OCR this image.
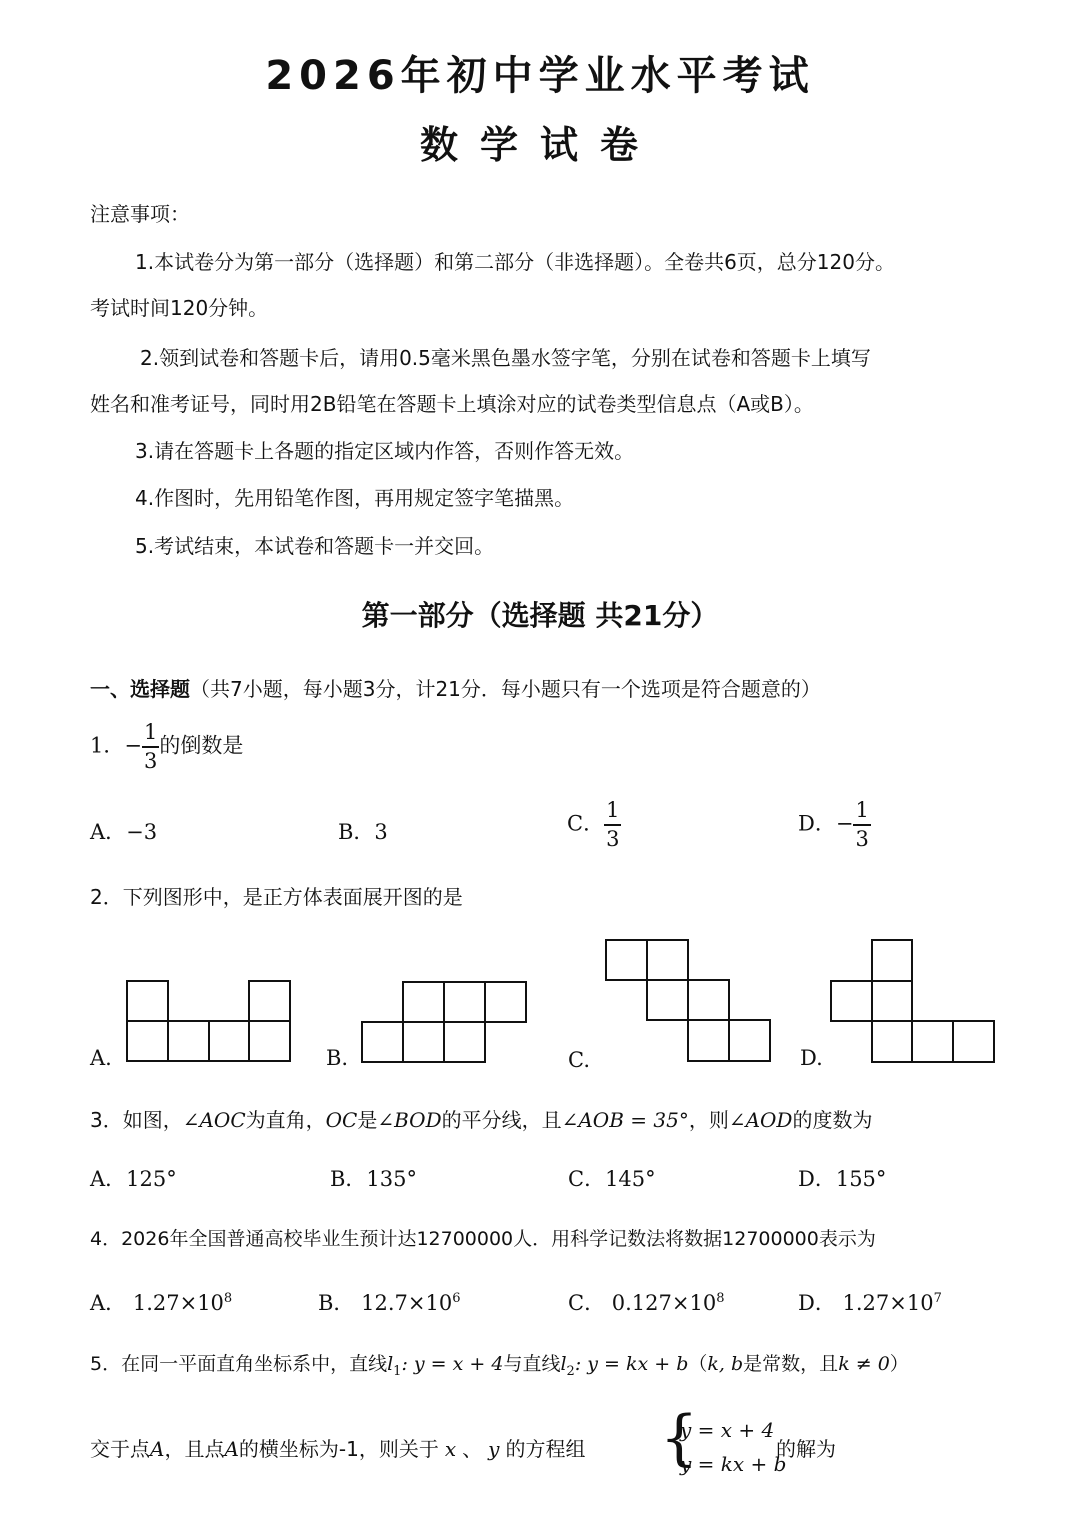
2026年初中学业水平考试
数学试卷
注意事项：
1.本试卷分为第一部分（选择题）和第二部分（非选择题）。全卷共6页，总分120分。
考试时间120分钟。
2.领到试卷和答题卡后，请用0.5毫米黑色墨水签字笔，分别在试卷和答题卡上填写
姓名和准考证号，同时用2B铅笔在答题卡上填涂对应的试卷类型信息点（A或B）。
3.请在答题卡上各题的指定区域内作答，否则作答无效。
4.作图时，先用铅笔作图，再用规定签字笔描黑。
5.考试结束，本试卷和答题卡一并交回。
第一部分（选择题 共21分）
一、选择题（共7小题，每小题3分，计21分．每小题只有一个选项是符合题意的）
1．− $\frac{1}{3}$ 的倒数是
A．−3	B．3	C． $\frac{1}{3}$	D．− $\frac{1}{3}$
2．下列图形中，是正方体表面展开图的是
A.	B.	C.	D.
3．如图，∠AOC为直角，OC是∠BOD的平分线，且∠AOB = 35°，则∠AOD的度数为
A．125°	B．135°	C．145°	D．155°
4．2026年全国普通高校毕业生预计达12700000人．用科学记数法将数据12700000表示为
A． $1.27\times 10^8$	B． $12.7\times 10^6$	C． $0.127\times 10^8$	D． $1.27\times 10^7$
5．在同一平面直角坐标系中，直线$l_1$: y = x + 4与直线$l_2$: y = kx + b（k, b是常数，且k ≠ 0）
交于点A，且点A的横坐标为-1，则关于 x 、 y 的方程组 {
y = x + 4
y = kx + b
的解为
